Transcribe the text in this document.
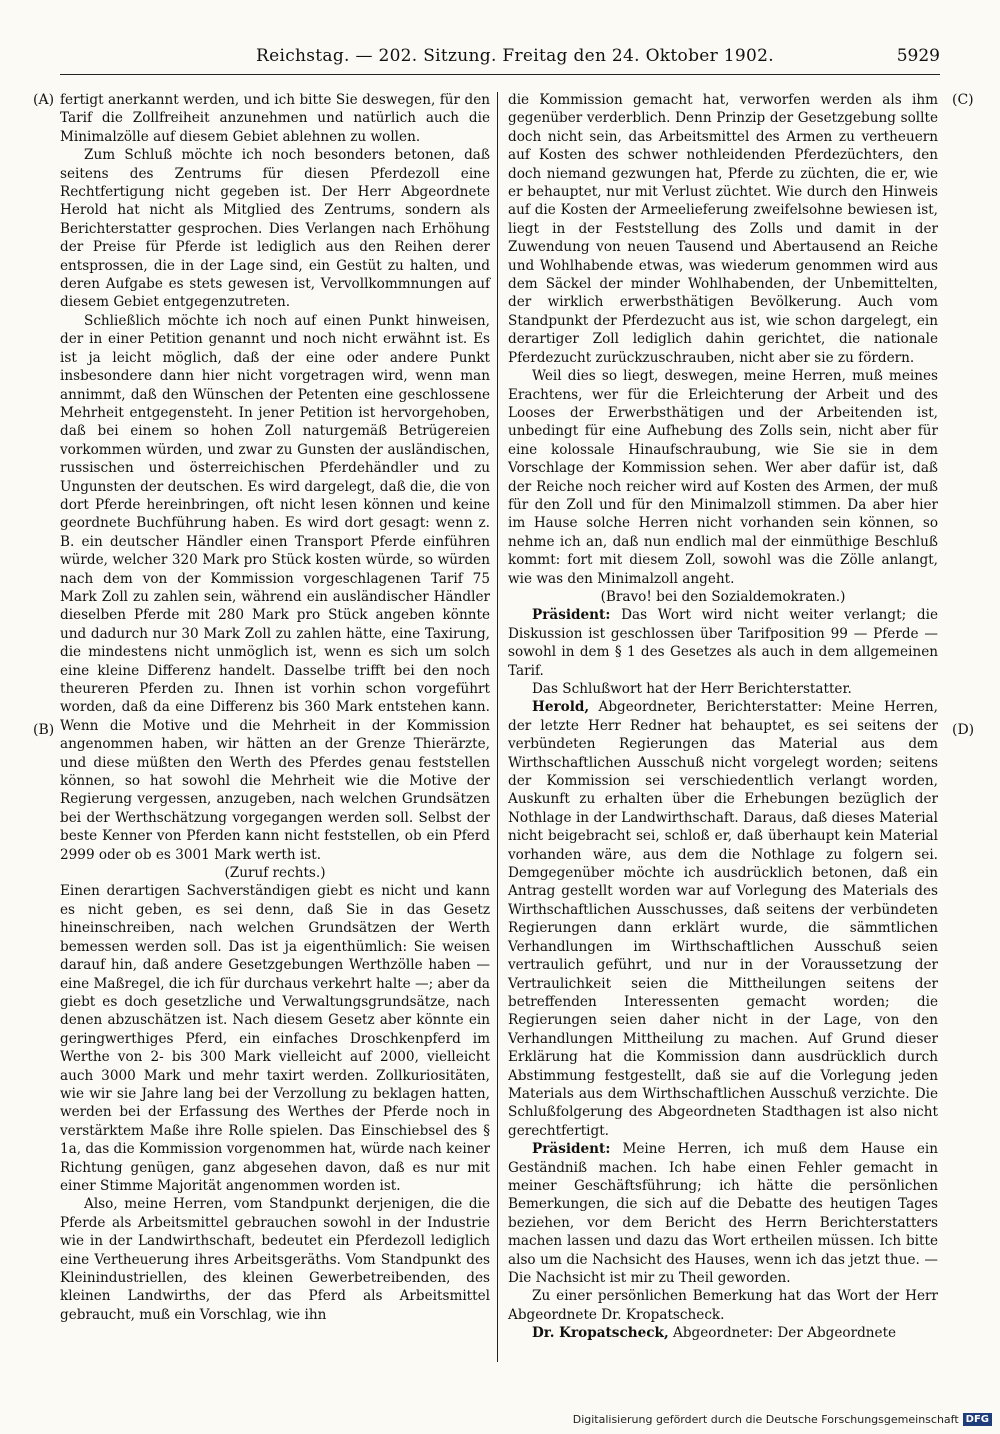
Reichstag. — 202. Sitzung. Freitag den 24. Oktober 1902.	5929
(A)
(B)
(C)
(D)

fertigt anerkannt werden, und ich bitte Sie deswegen, für den Tarif die Zollfreiheit anzunehmen und natürlich auch die Minimalzölle auf diesem Gebiet ablehnen zu wollen.

Zum Schluß möchte ich noch besonders betonen, daß seitens des Zentrums für diesen Pferdezoll eine Rechtfertigung nicht gegeben ist. Der Herr Abgeordnete Herold hat nicht als Mitglied des Zentrums, sondern als Berichterstatter gesprochen. Dies Verlangen nach Erhöhung der Preise für Pferde ist lediglich aus den Reihen derer entsprossen, die in der Lage sind, ein Gestüt zu halten, und deren Aufgabe es stets gewesen ist, Vervollkommnungen auf diesem Gebiet entgegenzutreten.

Schließlich möchte ich noch auf einen Punkt hinweisen, der in einer Petition genannt und noch nicht erwähnt ist. Es ist ja leicht möglich, daß der eine oder andere Punkt insbesondere dann hier nicht vorgetragen wird, wenn man annimmt, daß den Wünschen der Petenten eine geschlossene Mehrheit entgegensteht. In jener Petition ist hervorgehoben, daß bei einem so hohen Zoll naturgemäß Betrügereien vorkommen würden, und zwar zu Gunsten der ausländischen, russischen und österreichischen Pferdehändler und zu Ungunsten der deutschen. Es wird dargelegt, daß die, die von dort Pferde hereinbringen, oft nicht lesen können und keine geordnete Buchführung haben. Es wird dort gesagt: wenn z. B. ein deutscher Händler einen Transport Pferde einführen würde, welcher 320 Mark pro Stück kosten würde, so würden nach dem von der Kommission vorgeschlagenen Tarif 75 Mark Zoll zu zahlen sein, während ein ausländischer Händler dieselben Pferde mit 280 Mark pro Stück angeben könnte und dadurch nur 30 Mark Zoll zu zahlen hätte, eine Taxirung, die mindestens nicht unmöglich ist, wenn es sich um solch eine kleine Differenz handelt. Dasselbe trifft bei den noch theureren Pferden zu. Ihnen ist vorhin schon vorgeführt worden, daß da eine Differenz bis 360 Mark entstehen kann. Wenn die Motive und die Mehrheit in der Kommission angenommen haben, wir hätten an der Grenze Thierärzte, und diese müßten den Werth des Pferdes genau feststellen können, so hat sowohl die Mehrheit wie die Motive der Regierung vergessen, anzugeben, nach welchen Grundsätzen bei der Werthschätzung vorgegangen werden soll. Selbst der beste Kenner von Pferden kann nicht feststellen, ob ein Pferd 2999 oder ob es 3001 Mark werth ist.

(Zuruf rechts.)

Einen derartigen Sachverständigen giebt es nicht und kann es nicht geben, es sei denn, daß Sie in das Gesetz hineinschreiben, nach welchen Grundsätzen der Werth bemessen werden soll. Das ist ja eigenthümlich: Sie weisen darauf hin, daß andere Gesetzgebungen Werthzölle haben — eine Maßregel, die ich für durchaus verkehrt halte —; aber da giebt es doch gesetzliche und Verwaltungsgrundsätze, nach denen abzuschätzen ist. Nach diesem Gesetz aber könnte ein geringwerthiges Pferd, ein einfaches Droschkenpferd im Werthe von 2- bis 300 Mark vielleicht auf 2000, vielleicht auch 3000 Mark und mehr taxirt werden. Zollkuriositäten, wie wir sie Jahre lang bei der Verzollung zu beklagen hatten, werden bei der Erfassung des Werthes der Pferde noch in verstärktem Maße ihre Rolle spielen. Das Einschiebsel des § 1a, das die Kommission vorgenommen hat, würde nach keiner Richtung genügen, ganz abgesehen davon, daß es nur mit einer Stimme Majorität angenommen worden ist.

Also, meine Herren, vom Standpunkt derjenigen, die die Pferde als Arbeitsmittel gebrauchen sowohl in der Industrie wie in der Landwirthschaft, bedeutet ein Pferdezoll lediglich eine Vertheuerung ihres Arbeitsgeräths. Vom Standpunkt des Kleinindustriellen, des kleinen Gewerbetreibenden, des kleinen Landwirths, der das Pferd als Arbeitsmittel gebraucht, muß ein Vorschlag, wie ihn

die Kommission gemacht hat, verworfen werden als ihm gegenüber verderblich. Denn Prinzip der Gesetzgebung sollte doch nicht sein, das Arbeitsmittel des Armen zu vertheuern auf Kosten des schwer nothleidenden Pferdezüchters, den doch niemand gezwungen hat, Pferde zu züchten, die er, wie er behauptet, nur mit Verlust züchtet. Wie durch den Hinweis auf die Kosten der Armeelieferung zweifelsohne bewiesen ist, liegt in der Feststellung des Zolls und damit in der Zuwendung von neuen Tausend und Abertausend an Reiche und Wohlhabende etwas, was wiederum genommen wird aus dem Säckel der minder Wohlhabenden, der Unbemittelten, der wirklich erwerbsthätigen Bevölkerung. Auch vom Standpunkt der Pferdezucht aus ist, wie schon dargelegt, ein derartiger Zoll lediglich dahin gerichtet, die nationale Pferdezucht zurückzuschrauben, nicht aber sie zu fördern.

Weil dies so liegt, deswegen, meine Herren, muß meines Erachtens, wer für die Erleichterung der Arbeit und des Looses der Erwerbsthätigen und der Arbeitenden ist, unbedingt für eine Aufhebung des Zolls sein, nicht aber für eine kolossale Hinaufschraubung, wie Sie sie in dem Vorschlage der Kommission sehen. Wer aber dafür ist, daß der Reiche noch reicher wird auf Kosten des Armen, der muß für den Zoll und für den Minimalzoll stimmen. Da aber hier im Hause solche Herren nicht vorhanden sein können, so nehme ich an, daß nun endlich mal der einmüthige Beschluß kommt: fort mit diesem Zoll, sowohl was die Zölle anlangt, wie was den Minimalzoll angeht.

(Bravo! bei den Sozialdemokraten.)

Präsident: Das Wort wird nicht weiter verlangt; die Diskussion ist geschlossen über Tarifposition 99 — Pferde — sowohl in dem § 1 des Gesetzes als auch in dem allgemeinen Tarif.

Das Schlußwort hat der Herr Berichterstatter.

Herold, Abgeordneter, Berichterstatter: Meine Herren, der letzte Herr Redner hat behauptet, es sei seitens der verbündeten Regierungen das Material aus dem Wirthschaftlichen Ausschuß nicht vorgelegt worden; seitens der Kommission sei verschiedentlich verlangt worden, Auskunft zu erhalten über die Erhebungen bezüglich der Nothlage in der Landwirthschaft. Daraus, daß dieses Material nicht beigebracht sei, schloß er, daß überhaupt kein Material vorhanden wäre, aus dem die Nothlage zu folgern sei. Demgegenüber möchte ich ausdrücklich betonen, daß ein Antrag gestellt worden war auf Vorlegung des Materials des Wirthschaftlichen Ausschusses, daß seitens der verbündeten Regierungen dann erklärt wurde, die sämmtlichen Verhandlungen im Wirthschaftlichen Ausschuß seien vertraulich geführt, und nur in der Voraussetzung der Vertraulichkeit seien die Mittheilungen seitens der betreffenden Interessenten gemacht worden; die Regierungen seien daher nicht in der Lage, von den Verhandlungen Mittheilung zu machen. Auf Grund dieser Erklärung hat die Kommission dann ausdrücklich durch Abstimmung festgestellt, daß sie auf die Vorlegung jeden Materials aus dem Wirthschaftlichen Ausschuß verzichte. Die Schlußfolgerung des Abgeordneten Stadthagen ist also nicht gerechtfertigt.

Präsident: Meine Herren, ich muß dem Hause ein Geständniß machen. Ich habe einen Fehler gemacht in meiner Geschäftsführung; ich hätte die persönlichen Bemerkungen, die sich auf die Debatte des heutigen Tages beziehen, vor dem Bericht des Herrn Berichterstatters machen lassen und dazu das Wort ertheilen müssen. Ich bitte also um die Nachsicht des Hauses, wenn ich das jetzt thue. — Die Nachsicht ist mir zu Theil geworden.

Zu einer persönlichen Bemerkung hat das Wort der Herr Abgeordnete Dr. Kropatscheck.

Dr. Kropatscheck, Abgeordneter: Der Abgeordnete

Digitalisierung gefördert durch die Deutsche Forschungsgemeinschaft DFG
